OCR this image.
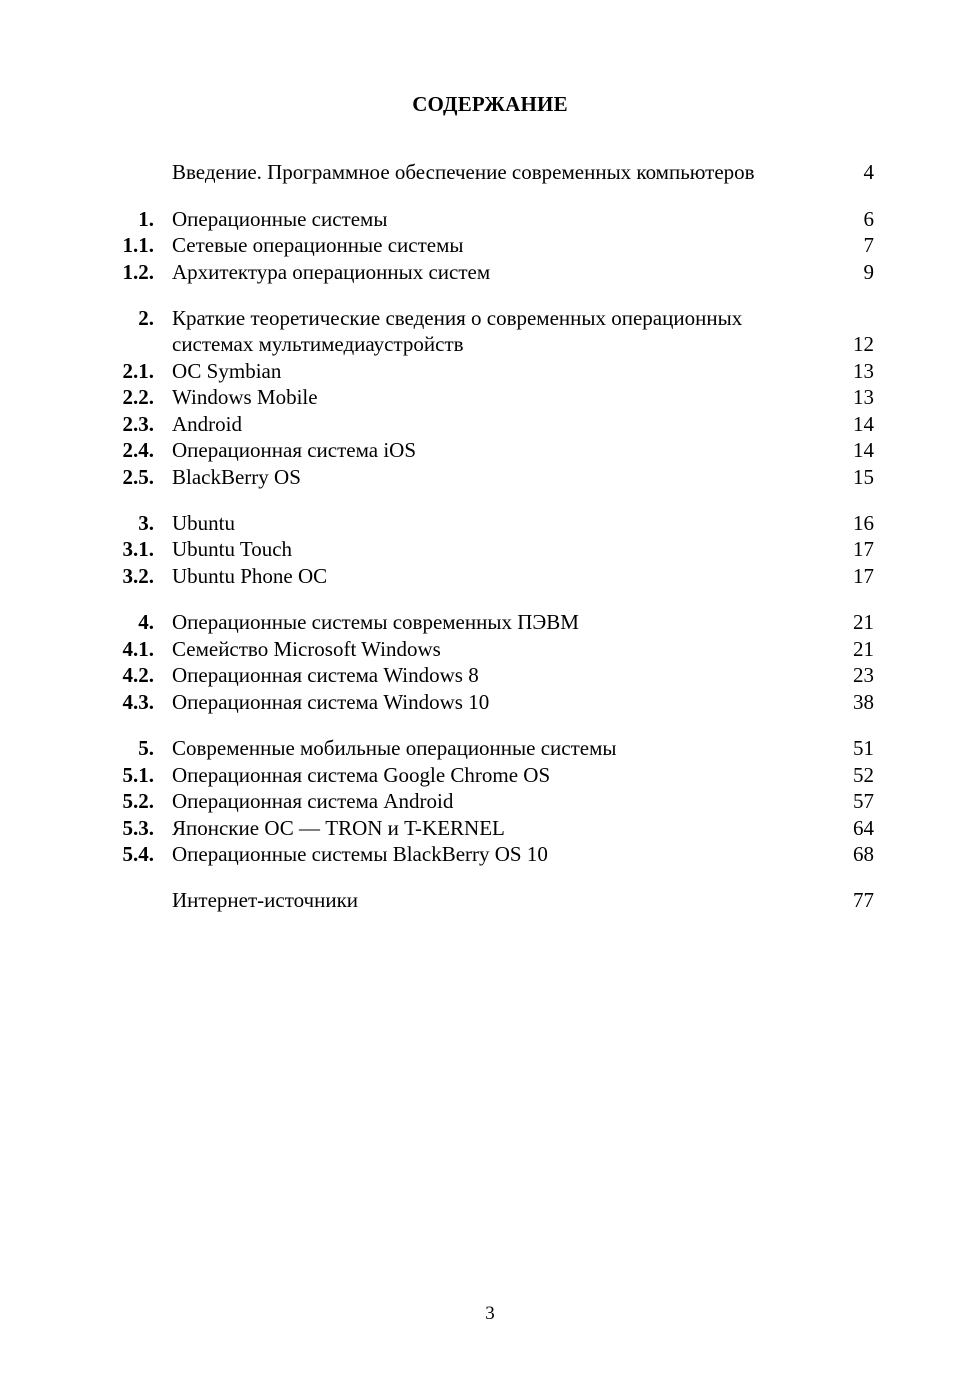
СОДЕРЖАНИЕ
Введение. Программное обеспечение современных компьютеров	4
1. Операционные системы	6
1.1. Сетевые операционные системы	7
1.2. Архитектура операционных систем	9
2. Краткие теоретические сведения о современных операционных
системах мультимедиаустройств	12
2.1. ОС Symbian	13
2.2. Windows Mobile	13
2.3. Android	14
2.4. Операционная система iOS	14
2.5. BlackBerry OS	15
3. Ubuntu	16
3.1. Ubuntu Touch	17
3.2. Ubuntu Phone OC	17
4. Операционные системы современных ПЭВМ	21
4.1. Семейство Microsoft Windows	21
4.2. Операционная система Windows 8	23
4.3. Операционная система Windows 10	38
5. Современные мобильные операционные системы	51
5.1. Операционная система Google Chrome OS	52
5.2. Операционная система Android	57
5.3. Японские ОС — TRON и T-KERNEL	64
5.4. Операционные системы BlackBerry OS 10	68
Интернет-источники	77
3
